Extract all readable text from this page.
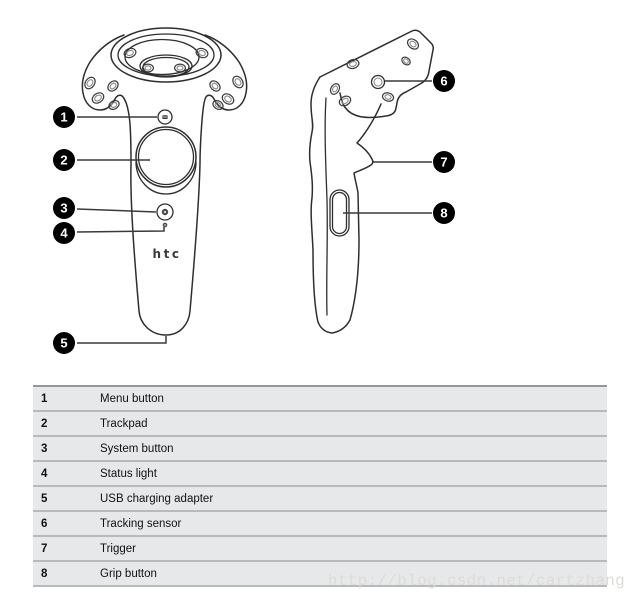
htc
1
2
3
4
5
6
7
8
1	Menu button
2	Trackpad
3	System button
4	Status light
5	USB charging adapter
6	Tracking sensor
7	Trigger
8	Grip button	http://blog.csdn.net/cartzhang
